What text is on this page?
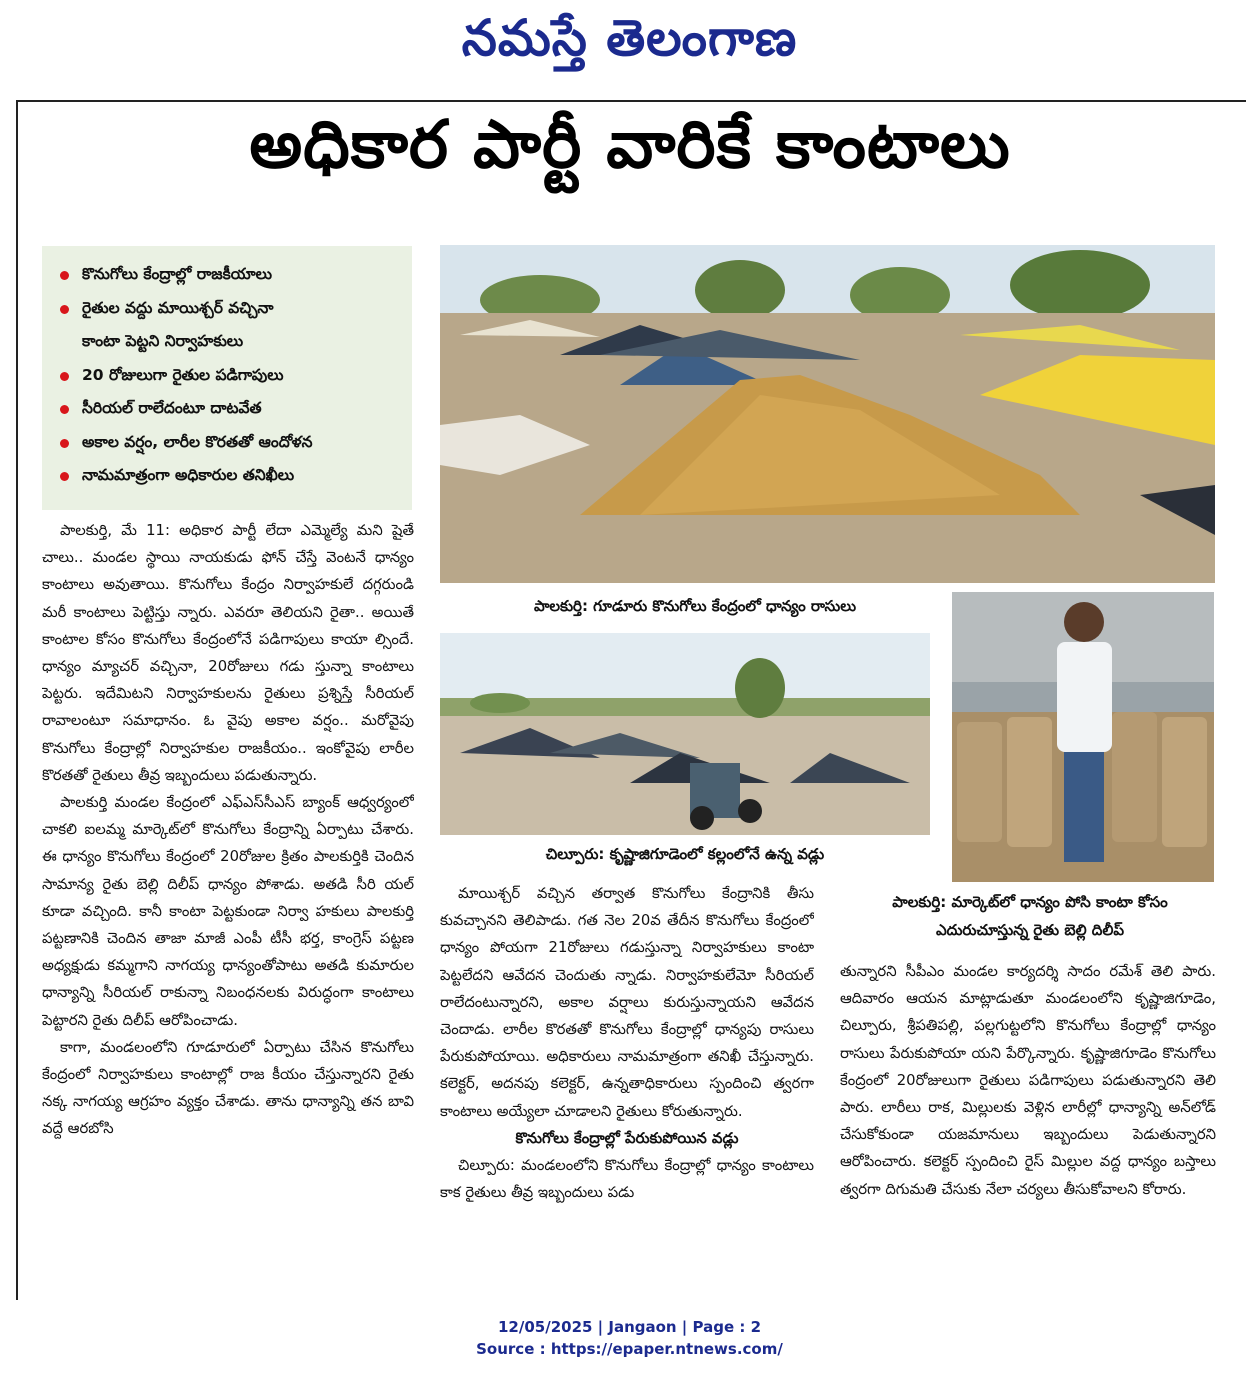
నమస్తే తెలంగాణ
అధికార పార్టీ వారికే కాంటాలు
కొనుగోలు కేంద్రాల్లో రాజకీయాలు
రైతుల వద్దు మాయిశ్చర్ వచ్చినా
కాంటా పెట్టని నిర్వాహకులు
20 రోజులుగా రైతుల పడిగాపులు
సీరియల్ రాలేదంటూ దాటవేత
అకాల వర్షం, లారీల కొరతతో ఆందోళన
నామమాత్రంగా అధికారుల తనిఖీలు
పాలకుర్తి: గూడూరు కొనుగోలు కేంద్రంలో ధాన్యం రాసులు
చిల్పూరు: కృష్ణాజిగూడెంలో కల్లంలోనే ఉన్న వడ్లు
పాలకుర్తి: మార్కెట్‌లో ధాన్యం పోసి కాంటా కోసం
ఎదురుచూస్తున్న రైతు బెల్లి దిలీప్

పాలకుర్తి, మే 11: అధికార పార్టీ లేదా ఎమ్మెల్యే మని షైతే చాలు.. మండల స్థాయి నాయకుడు ఫోన్ చేస్తే వెంటనే ధాన్యం కాంటాలు అవుతాయి. కొనుగోలు కేంద్రం నిర్వాహకులే దగ్గరుండి మరీ కాంటాలు పెట్టిస్తు న్నారు. ఎవరూ తెలియని రైతా.. అయితే కాంటాల కోసం కొనుగోలు కేంద్రంలోనే పడిగాపులు కాయా ల్సిందే. ధాన్యం మ్యాచర్ వచ్చినా, 20రోజులు గడు స్తున్నా కాంటాలు పెట్టరు. ఇదేమిటని నిర్వాహకులను రైతులు ప్రశ్నిస్తే సీరియల్ రావాలంటూ సమాధానం. ఓ వైపు అకాల వర్షం.. మరోవైపు కొనుగోలు కేంద్రాల్లో నిర్వాహకుల రాజకీయం.. ఇంకోవైపు లారీల కొరతతో రైతులు తీవ్ర ఇబ్బందులు పడుతున్నారు.

పాలకుర్తి మండల కేంద్రంలో ఎఫ్ఎస్‌సీఎస్ బ్యాంక్ ఆధ్వర్యంలో చాకలి ఐలమ్మ మార్కెట్‌లో కొనుగోలు కేంద్రాన్ని ఏర్పాటు చేశారు. ఈ ధాన్యం కొనుగోలు కేంద్రంలో 20రోజుల క్రితం పాలకుర్తికి చెందిన సామాన్య రైతు బెల్లి దిలీప్ ధాన్యం పోశాడు. అతడి సీరి యల్ కూడా వచ్చింది. కానీ కాంటా పెట్టకుండా నిర్వా హకులు పాలకుర్తి పట్టణానికి చెందిన తాజా మాజీ ఎంపీ టీసీ భర్త, కాంగ్రెస్ పట్టణ అధ్యక్షుడు కమ్మగాని నాగయ్య ధాన్యంతోపాటు అతడి కుమారుల ధాన్యాన్ని సీరియల్ రాకున్నా నిబంధనలకు విరుద్ధంగా కాంటాలు పెట్టారని రైతు దిలీప్ ఆరోపించాడు.

కాగా, మండలంలోని గూడూరులో ఏర్పాటు చేసిన కొనుగోలు కేంద్రంలో నిర్వాహకులు కాంటాల్లో రాజ కీయం చేస్తున్నారని రైతు నక్క నాగయ్య ఆగ్రహం వ్యక్తం చేశాడు. తాను ధాన్యాన్ని తన బావి వద్దే ఆరబోసి

మాయిశ్చర్ వచ్చిన తర్వాత కొనుగోలు కేంద్రానికి తీసు కువచ్చానని తెలిపాడు. గత నెల 20వ తేదీన కొనుగోలు కేంద్రంలో ధాన్యం పోయగా 21రోజులు గడుస్తున్నా నిర్వాహకులు కాంటా పెట్టలేదని ఆవేదన చెందుతు న్నాడు. నిర్వాహకులేమో సీరియల్ రాలేదంటున్నారని, అకాల వర్షాలు కురుస్తున్నాయని ఆవేదన చెందాడు. లారీల కొరతతో కొనుగోలు కేంద్రాల్లో ధాన్యపు రాసులు పేరుకుపోయాయి. అధికారులు నామమాత్రంగా తనిఖీ చేస్తున్నారు. కలెక్టర్, అదనపు కలెక్టర్, ఉన్నతాధికారులు స్పందించి త్వరగా కాంటాలు అయ్యేలా చూడాలని రైతులు కోరుతున్నారు.

కొనుగోలు కేంద్రాల్లో పేరుకుపోయిన వడ్లు

చిల్పూరు: మండలంలోని కొనుగోలు కేంద్రాల్లో ధాన్యం కాంటాలు కాక రైతులు తీవ్ర ఇబ్బందులు పడు

తున్నారని సీపీఎం మండల కార్యదర్శి సాదం రమేశ్ తెలి పారు. ఆదివారం ఆయన మాట్లాడుతూ మండలంలోని కృష్ణాజిగూడెం, చిల్పూరు, శ్రీపతిపల్లి, పల్లగుట్టలోని కొనుగోలు కేంద్రాల్లో ధాన్యం రాసులు పేరుకుపోయా యని పేర్కొన్నారు. కృష్ణాజిగూడెం కొనుగోలు కేంద్రంలో 20రోజులుగా రైతులు పడిగాపులు పడుతున్నారని తెలి పారు. లారీలు రాక, మిల్లులకు వెళ్లిన లారీల్లో ధాన్యాన్ని అన్‌లోడ్ చేసుకోకుండా యజమానులు ఇబ్బందులు పెడుతున్నారని ఆరోపించారు. కలెక్టర్ స్పందించి రైస్ మిల్లుల వద్ద ధాన్యం బస్తాలు త్వరగా దిగుమతి చేసుకు నేలా చర్యలు తీసుకోవాలని కోరారు.

12/05/2025 | Jangaon | Page : 2
Source : https://epaper.ntnews.com/
